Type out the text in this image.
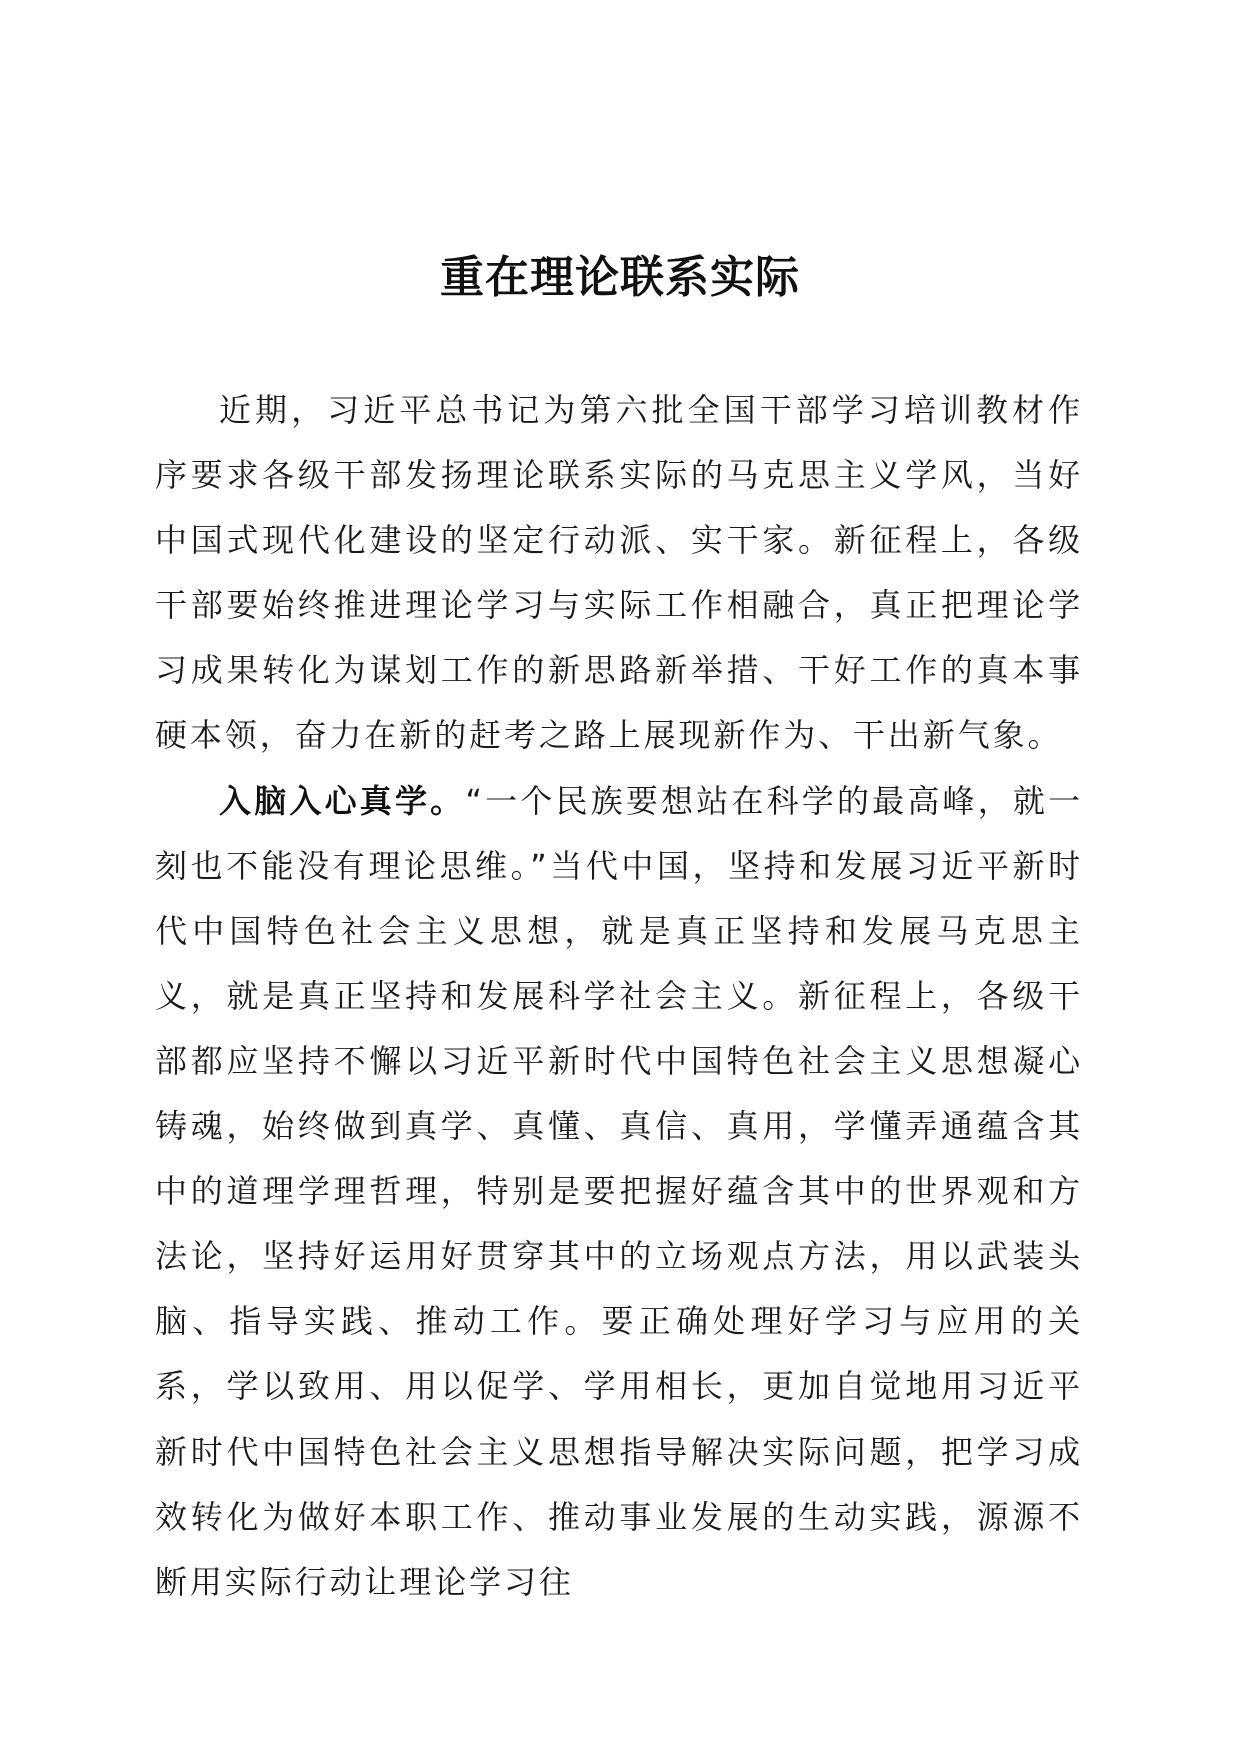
重在理论联系实际

近期，习近平总书记为第六批全国干部学习培训教材作序要求各级干部发扬理论联系实际的马克思主义学风，当好中国式现代化建设的坚定行动派、实干家。新征程上，各级干部要始终推进理论学习与实际工作相融合，真正把理论学习成果转化为谋划工作的新思路新举措、干好工作的真本事硬本领，奋力在新的赶考之路上展现新作为、干出新气象。

入脑入心真学。“一个民族要想站在科学的最高峰，就一刻也不能没有理论思维。”当代中国，坚持和发展习近平新时代中国特色社会主义思想，就是真正坚持和发展马克思主义，就是真正坚持和发展科学社会主义。新征程上，各级干部都应坚持不懈以习近平新时代中国特色社会主义思想凝心铸魂，始终做到真学、真懂、真信、真用，学懂弄通蕴含其中的道理学理哲理，特别是要把握好蕴含其中的世界观和方法论，坚持好运用好贯穿其中的立场观点方法，用以武装头脑、指导实践、推动工作。要正确处理好学习与应用的关系，学以致用、用以促学、学用相长，更加自觉地用习近平新时代中国特色社会主义思想指导解决实际问题，把学习成效转化为做好本职工作、推动事业发展的生动实践，源源不断用实际行动让理论学习往
